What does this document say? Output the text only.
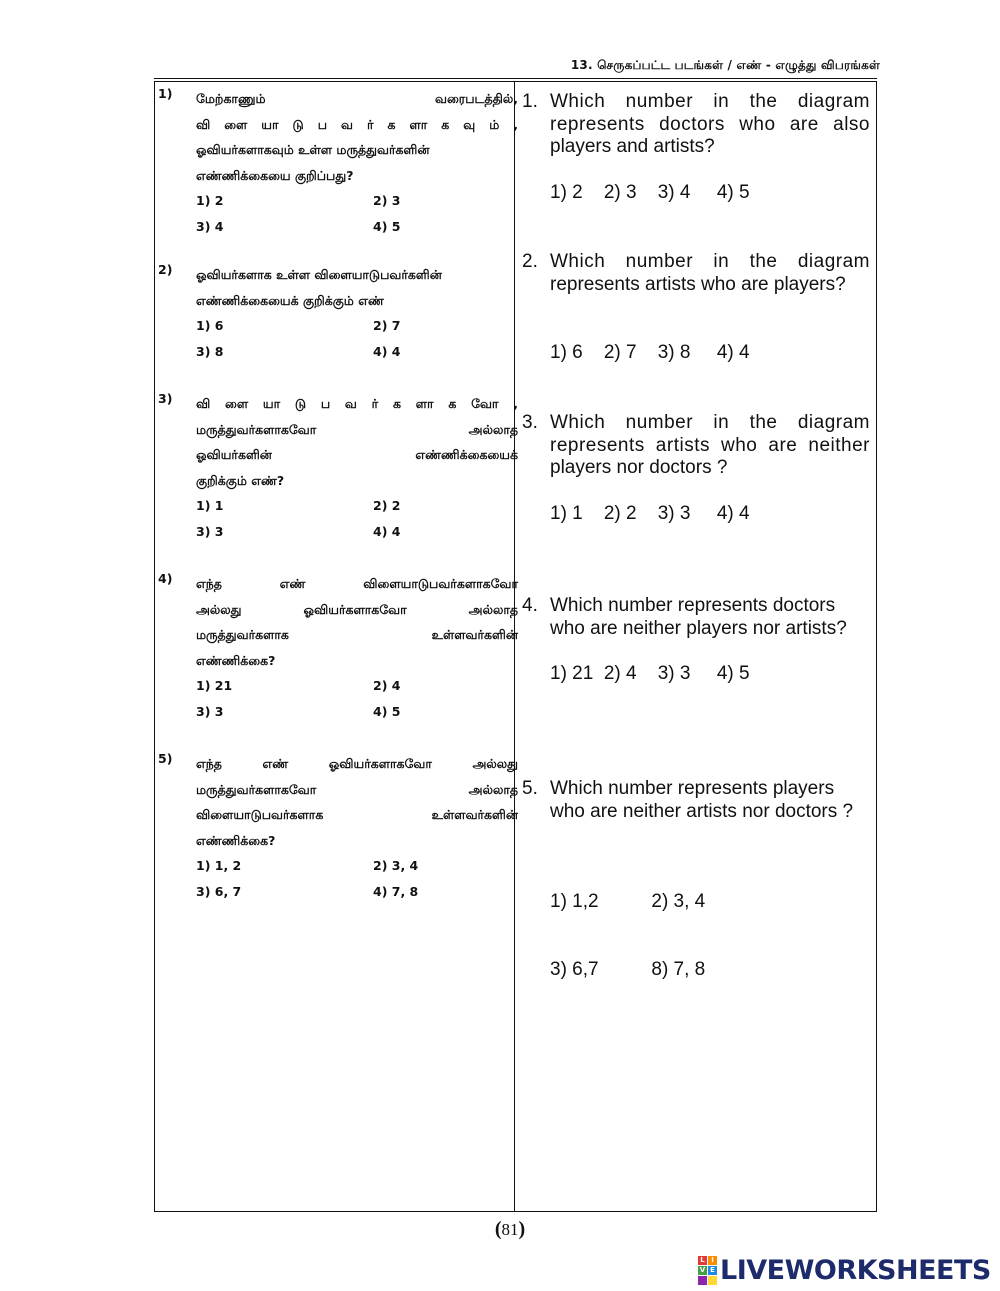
13. செருகப்பட்ட படங்கள் / எண் - எழுத்து விபரங்கள்
1) மேற்காணும் வரைபடத்தில்,
வி ளை யா டு ப வ ர் க ளா க வு ம் ,
ஓவியர்களாகவும் உள்ள மருத்துவர்களின்
எண்ணிக்கையை குறிப்பது?
1) 2	2) 3
3) 4	4) 5
2) ஓவியர்களாக உள்ள விளையாடுபவர்களின்
எண்ணிக்கையைக் குறிக்கும் எண்
1) 6	2) 7
3) 8	4) 4
3) வி ளை யா டு ப வ ர் க ளா க வோ ,
மருத்துவர்களாகவோ அல்லாத
ஓவியர்களின் எண்ணிக்கையைக்
குறிக்கும் எண்?
1) 1	2) 2
3) 3	4) 4
4) எந்த எண் விளையாடுபவர்களாகவோ
அல்லது ஓவியர்களாகவோ அல்லாத
மருத்துவர்களாக உள்ளவர்களின்
எண்ணிக்கை?
1) 21	2) 4
3) 3	4) 5
5) எந்த எண் ஓவியர்களாகவோ அல்லது
மருத்துவர்களாகவோ அல்லாத
விளையாடுபவர்களாக உள்ளவர்களின்
எண்ணிக்கை?
1) 1, 2	2) 3, 4
3) 6, 7	4) 7, 8
1. Which number in the diagram
represents doctors who are also
players and artists?
1) 2    2) 3    3) 4     4) 5
2. Which number in the diagram
represents artists who are players?
1) 6    2) 7    3) 8     4) 4
3. Which number in the diagram
represents artists who are neither
players nor doctors ?
1) 1    2) 2    3) 3     4) 4
4. Which number represents doctors
who are neither players nor artists?
1) 21  2) 4    3) 3     4) 5
5. Which number represents players
who are neither artists nor doctors ?

1) 1,2          2) 3, 4

3) 6,7          8) 7, 8

(81)
L I
V E LIVEWORKSHEETS
